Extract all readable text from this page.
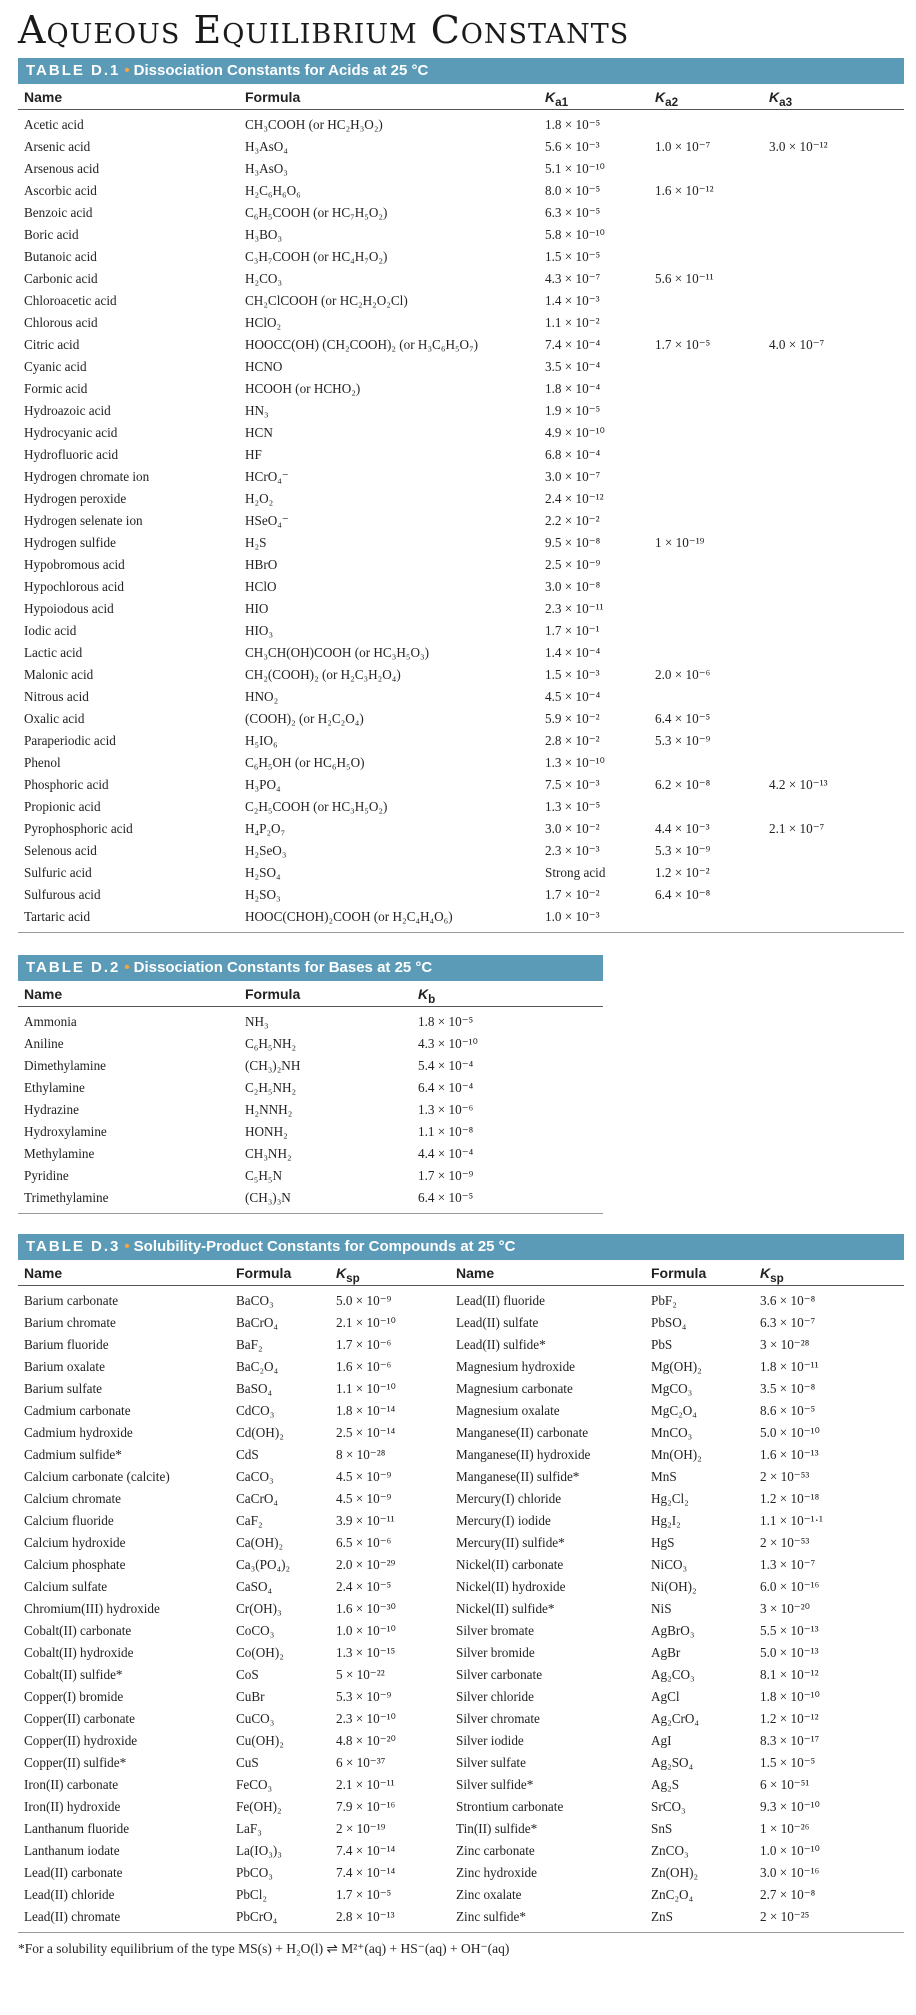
Aqueous Equilibrium Constants
TABLE D.1 • Dissociation Constants for Acids at 25 °C
Name	Formula	$K_{a1}$	$K_{a2}$	$K_{a3}$
Acetic acid	CH₃COOH (or HC₂H₃O₂)	1.8 × 10⁻⁵
Arsenic acid	H₃AsO₄	5.6 × 10⁻³	1.0 × 10⁻⁷	3.0 × 10⁻¹²
Arsenous acid	H₃AsO₃	5.1 × 10⁻¹⁰
Ascorbic acid	H₂C₆H₆O₆	8.0 × 10⁻⁵	1.6 × 10⁻¹²
Benzoic acid	C₆H₅COOH (or HC₇H₅O₂)	6.3 × 10⁻⁵
Boric acid	H₃BO₃	5.8 × 10⁻¹⁰
Butanoic acid	C₃H₇COOH (or HC₄H₇O₂)	1.5 × 10⁻⁵
Carbonic acid	H₂CO₃	4.3 × 10⁻⁷	5.6 × 10⁻¹¹
Chloroacetic acid	CH₂ClCOOH (or HC₂H₂O₂Cl)	1.4 × 10⁻³
Chlorous acid	HClO₂	1.1 × 10⁻²
Citric acid	HOOCC(OH) (CH₂COOH)₂ (or H₃C₆H₅O₇)	7.4 × 10⁻⁴	1.7 × 10⁻⁵	4.0 × 10⁻⁷
Cyanic acid	HCNO	3.5 × 10⁻⁴
Formic acid	HCOOH (or HCHO₂)	1.8 × 10⁻⁴
Hydroazoic acid	HN₃	1.9 × 10⁻⁵
Hydrocyanic acid	HCN	4.9 × 10⁻¹⁰
Hydrofluoric acid	HF	6.8 × 10⁻⁴
Hydrogen chromate ion	HCrO₄⁻	3.0 × 10⁻⁷
Hydrogen peroxide	H₂O₂	2.4 × 10⁻¹²
Hydrogen selenate ion	HSeO₄⁻	2.2 × 10⁻²
Hydrogen sulfide	H₂S	9.5 × 10⁻⁸	1 × 10⁻¹⁹
Hypobromous acid	HBrO	2.5 × 10⁻⁹
Hypochlorous acid	HClO	3.0 × 10⁻⁸
Hypoiodous acid	HIO	2.3 × 10⁻¹¹
Iodic acid	HIO₃	1.7 × 10⁻¹
Lactic acid	CH₃CH(OH)COOH (or HC₃H₅O₃)	1.4 × 10⁻⁴
Malonic acid	CH₂(COOH)₂ (or H₂C₃H₂O₄)	1.5 × 10⁻³	2.0 × 10⁻⁶
Nitrous acid	HNO₂	4.5 × 10⁻⁴
Oxalic acid	(COOH)₂ (or H₂C₂O₄)	5.9 × 10⁻²	6.4 × 10⁻⁵
Paraperiodic acid	H₅IO₆	2.8 × 10⁻²	5.3 × 10⁻⁹
Phenol	C₆H₅OH (or HC₆H₅O)	1.3 × 10⁻¹⁰
Phosphoric acid	H₃PO₄	7.5 × 10⁻³	6.2 × 10⁻⁸	4.2 × 10⁻¹³
Propionic acid	C₂H₅COOH (or HC₃H₅O₂)	1.3 × 10⁻⁵
Pyrophosphoric acid	H₄P₂O₇	3.0 × 10⁻²	4.4 × 10⁻³	2.1 × 10⁻⁷
Selenous acid	H₂SeO₃	2.3 × 10⁻³	5.3 × 10⁻⁹
Sulfuric acid	H₂SO₄	Strong acid	1.2 × 10⁻²
Sulfurous acid	H₂SO₃	1.7 × 10⁻²	6.4 × 10⁻⁸
Tartaric acid	HOOC(CHOH)₂COOH (or H₂C₄H₄O₆)	1.0 × 10⁻³
TABLE D.2 • Dissociation Constants for Bases at 25 °C
Name	Formula	$K_b$
Ammonia	NH₃	1.8 × 10⁻⁵
Aniline	C₆H₅NH₂	4.3 × 10⁻¹⁰
Dimethylamine	(CH₃)₂NH	5.4 × 10⁻⁴
Ethylamine	C₂H₅NH₂	6.4 × 10⁻⁴
Hydrazine	H₂NNH₂	1.3 × 10⁻⁶
Hydroxylamine	HONH₂	1.1 × 10⁻⁸
Methylamine	CH₃NH₂	4.4 × 10⁻⁴
Pyridine	C₅H₅N	1.7 × 10⁻⁹
Trimethylamine	(CH₃)₃N	6.4 × 10⁻⁵
TABLE D.3 • Solubility-Product Constants for Compounds at 25 °C
Name	Formula	$K_{sp}$	Name	Formula	$K_{sp}$
Barium carbonate	BaCO₃	5.0 × 10⁻⁹	Lead(II) fluoride	PbF₂	3.6 × 10⁻⁸
Barium chromate	BaCrO₄	2.1 × 10⁻¹⁰	Lead(II) sulfate	PbSO₄	6.3 × 10⁻⁷
Barium fluoride	BaF₂	1.7 × 10⁻⁶	Lead(II) sulfide*	PbS	3 × 10⁻²⁸
Barium oxalate	BaC₂O₄	1.6 × 10⁻⁶	Magnesium hydroxide	Mg(OH)₂	1.8 × 10⁻¹¹
Barium sulfate	BaSO₄	1.1 × 10⁻¹⁰	Magnesium carbonate	MgCO₃	3.5 × 10⁻⁸
Cadmium carbonate	CdCO₃	1.8 × 10⁻¹⁴	Magnesium oxalate	MgC₂O₄	8.6 × 10⁻⁵
Cadmium hydroxide	Cd(OH)₂	2.5 × 10⁻¹⁴	Manganese(II) carbonate	MnCO₃	5.0 × 10⁻¹⁰
Cadmium sulfide*	CdS	8 × 10⁻²⁸	Manganese(II) hydroxide	Mn(OH)₂	1.6 × 10⁻¹³
Calcium carbonate (calcite)	CaCO₃	4.5 × 10⁻⁹	Manganese(II) sulfide*	MnS	2 × 10⁻⁵³
Calcium chromate	CaCrO₄	4.5 × 10⁻⁹	Mercury(I) chloride	Hg₂Cl₂	1.2 × 10⁻¹⁸
Calcium fluoride	CaF₂	3.9 × 10⁻¹¹	Mercury(I) iodide	Hg₂I₂	1.1 × 10⁻¹·¹
Calcium hydroxide	Ca(OH)₂	6.5 × 10⁻⁶	Mercury(II) sulfide*	HgS	2 × 10⁻⁵³
Calcium phosphate	Ca₃(PO₄)₂	2.0 × 10⁻²⁹	Nickel(II) carbonate	NiCO₃	1.3 × 10⁻⁷
Calcium sulfate	CaSO₄	2.4 × 10⁻⁵	Nickel(II) hydroxide	Ni(OH)₂	6.0 × 10⁻¹⁶
Chromium(III) hydroxide	Cr(OH)₃	1.6 × 10⁻³⁰	Nickel(II) sulfide*	NiS	3 × 10⁻²⁰
Cobalt(II) carbonate	CoCO₃	1.0 × 10⁻¹⁰	Silver bromate	AgBrO₃	5.5 × 10⁻¹³
Cobalt(II) hydroxide	Co(OH)₂	1.3 × 10⁻¹⁵	Silver bromide	AgBr	5.0 × 10⁻¹³
Cobalt(II) sulfide*	CoS	5 × 10⁻²²	Silver carbonate	Ag₂CO₃	8.1 × 10⁻¹²
Copper(I) bromide	CuBr	5.3 × 10⁻⁹	Silver chloride	AgCl	1.8 × 10⁻¹⁰
Copper(II) carbonate	CuCO₃	2.3 × 10⁻¹⁰	Silver chromate	Ag₂CrO₄	1.2 × 10⁻¹²
Copper(II) hydroxide	Cu(OH)₂	4.8 × 10⁻²⁰	Silver iodide	AgI	8.3 × 10⁻¹⁷
Copper(II) sulfide*	CuS	6 × 10⁻³⁷	Silver sulfate	Ag₂SO₄	1.5 × 10⁻⁵
Iron(II) carbonate	FeCO₃	2.1 × 10⁻¹¹	Silver sulfide*	Ag₂S	6 × 10⁻⁵¹
Iron(II) hydroxide	Fe(OH)₂	7.9 × 10⁻¹⁶	Strontium carbonate	SrCO₃	9.3 × 10⁻¹⁰
Lanthanum fluoride	LaF₃	2 × 10⁻¹⁹	Tin(II) sulfide*	SnS	1 × 10⁻²⁶
Lanthanum iodate	La(IO₃)₃	7.4 × 10⁻¹⁴	Zinc carbonate	ZnCO₃	1.0 × 10⁻¹⁰
Lead(II) carbonate	PbCO₃	7.4 × 10⁻¹⁴	Zinc hydroxide	Zn(OH)₂	3.0 × 10⁻¹⁶
Lead(II) chloride	PbCl₂	1.7 × 10⁻⁵	Zinc oxalate	ZnC₂O₄	2.7 × 10⁻⁸
Lead(II) chromate	PbCrO₄	2.8 × 10⁻¹³	Zinc sulfide*	ZnS	2 × 10⁻²⁵
*For a solubility equilibrium of the type MS(s) + H₂O(l) ⇌ M²⁺(aq) + HS⁻(aq) + OH⁻(aq)
